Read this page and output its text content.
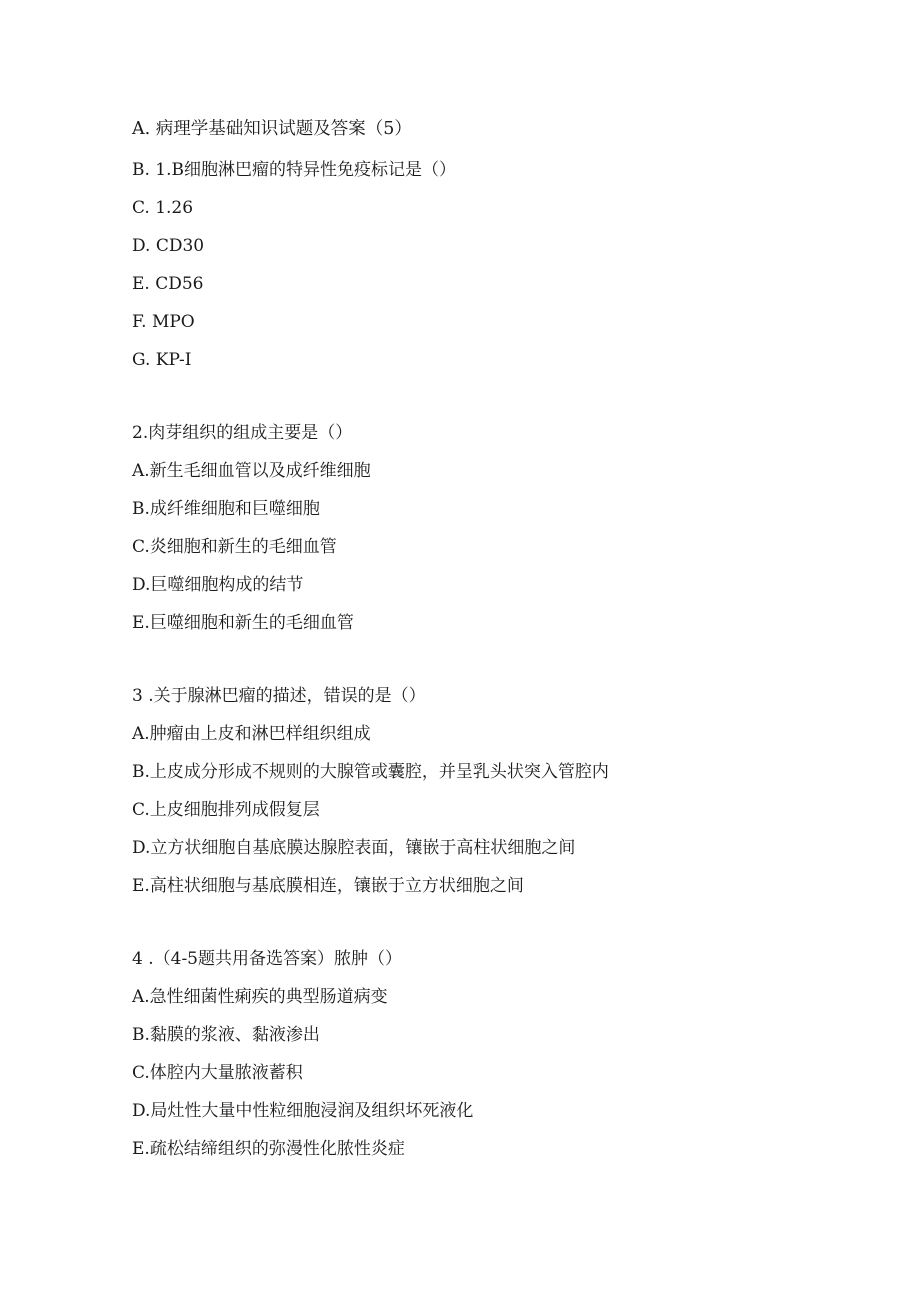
A. 病理学基础知识试题及答案（5）
B. 1.B细胞淋巴瘤的特异性免疫标记是（）
C. 1.26
D. CD30
E. CD56
F. MPO
G. KP-I
2.肉芽组织的组成主要是（）
A.新生毛细血管以及成纤维细胞
B.成纤维细胞和巨噬细胞
C.炎细胞和新生的毛细血管
D.巨噬细胞构成的结节
E.巨噬细胞和新生的毛细血管
3 .关于腺淋巴瘤的描述，错误的是（）
A.肿瘤由上皮和淋巴样组织组成
B.上皮成分形成不规则的大腺管或囊腔，并呈乳头状突入管腔内
C.上皮细胞排列成假复层
D.立方状细胞自基底膜达腺腔表面，镶嵌于高柱状细胞之间
E.高柱状细胞与基底膜相连，镶嵌于立方状细胞之间
4 .（4-5题共用备选答案）脓肿（）
A.急性细菌性痢疾的典型肠道病变
B.黏膜的浆液、黏液渗出
C.体腔内大量脓液蓄积
D.局灶性大量中性粒细胞浸润及组织坏死液化
E.疏松结缔组织的弥漫性化脓性炎症
